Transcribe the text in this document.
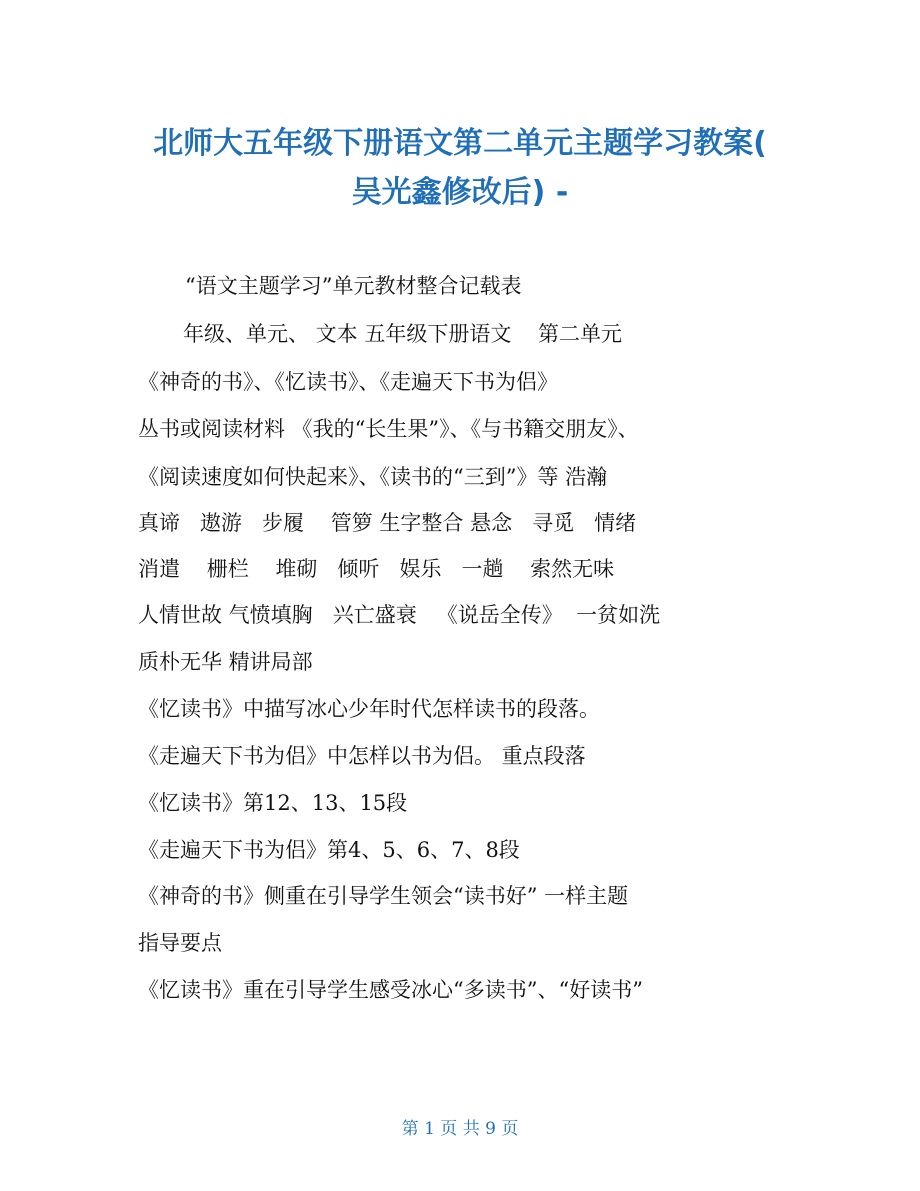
北师大五年级下册语文第二单元主题学习教案(
吴光鑫修改后) -
“语文主题学习”单元教材整合记载表
年级、单元、 文本 五年级下册语文    第二单元
《神奇的书》、《忆读书》、《走遍天下书为侣》
丛书或阅读材料 《我的“长生果”》、《与书籍交朋友》、
《阅读速度如何快起来》、《读书的“三到”》等 浩瀚
真谛   遨游   步履    管箩 生字整合 悬念   寻觅   情绪
消遣    栅栏    堆砌   倾听   娱乐   一趟    索然无味
人情世故 气愤填胸   兴亡盛衰   《说岳全传》  一贫如洗
质朴无华 精讲局部
《忆读书》中描写冰心少年时代怎样读书的段落。
《走遍天下书为侣》中怎样以书为侣。 重点段落
《忆读书》第12、13、15段
《走遍天下书为侣》第4、5、6、7、8段
《神奇的书》侧重在引导学生领会“读书好” 一样主题
指导要点
《忆读书》重在引导学生感受冰心“多读书”、“好读书”
第 1 页 共 9 页
